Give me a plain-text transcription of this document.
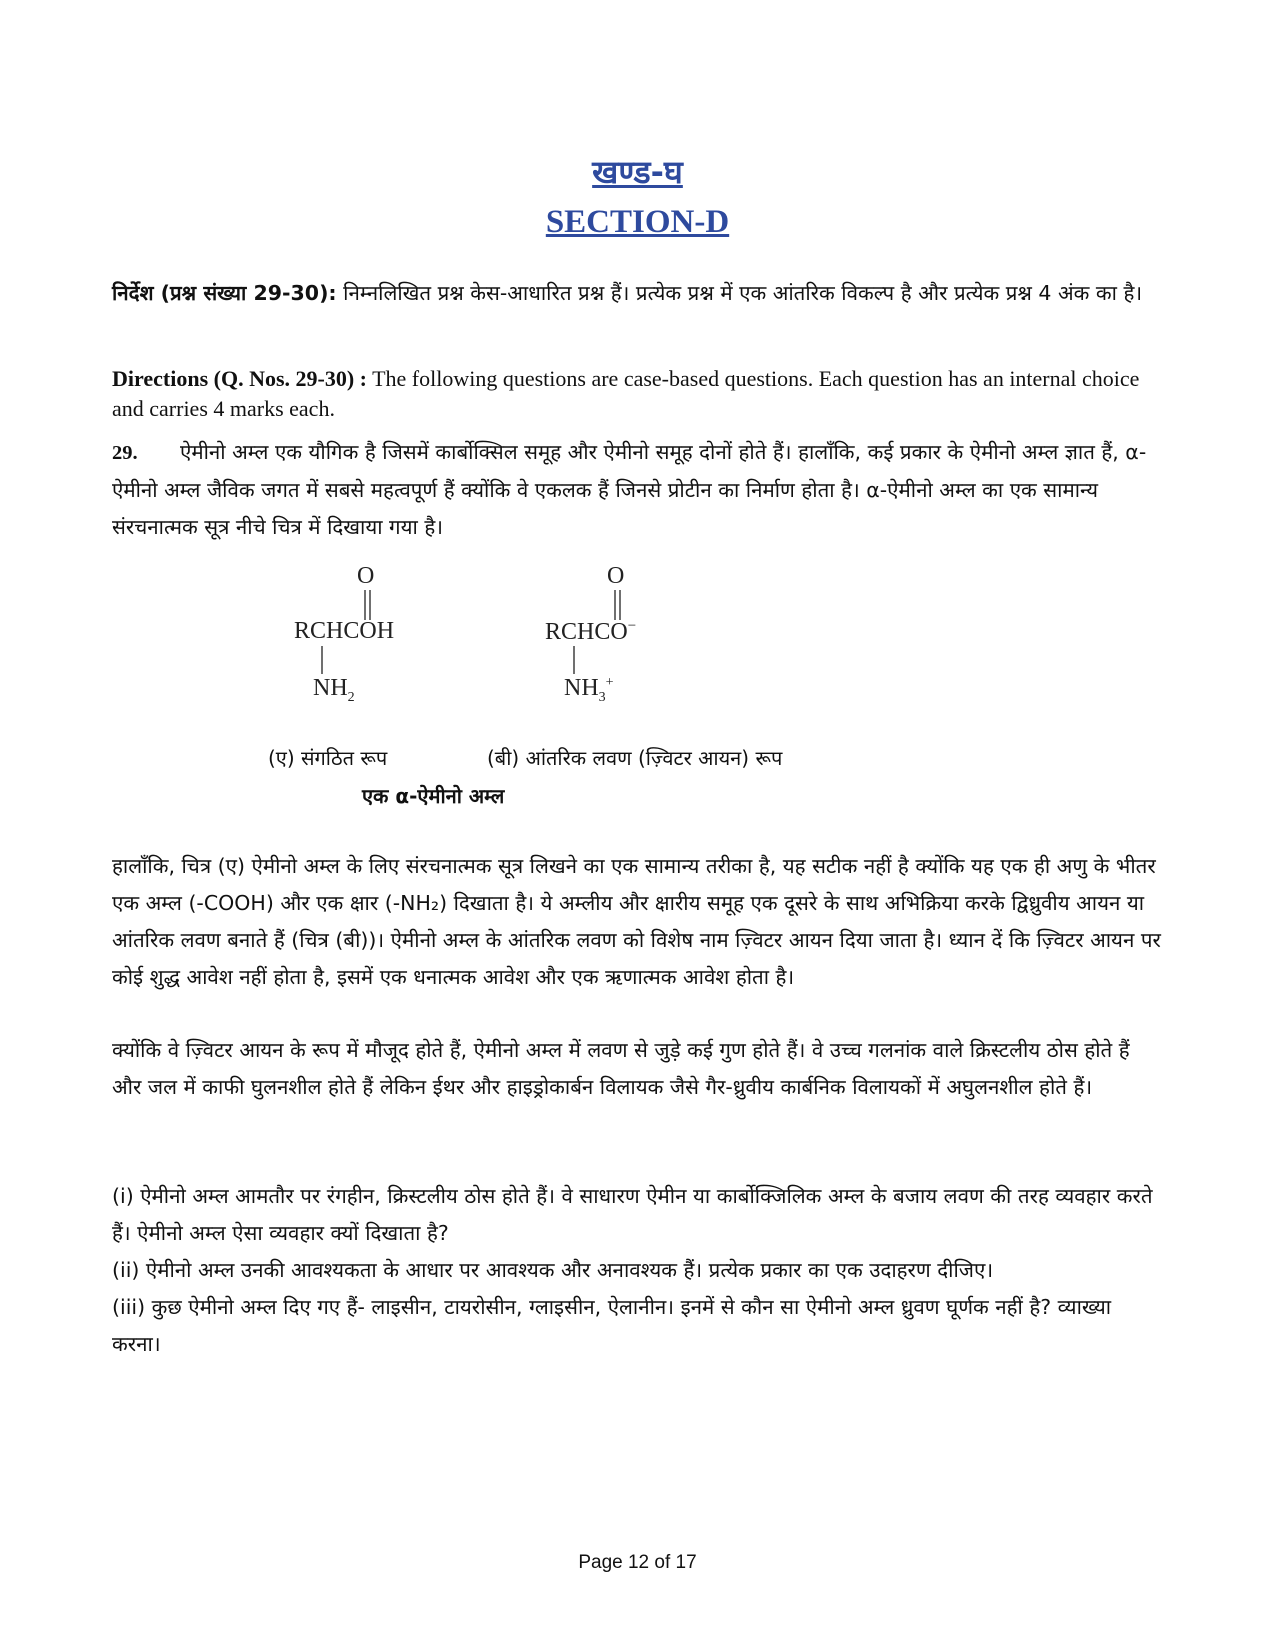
खण्ड-घ
SECTION-D
निर्देश (प्रश्न संख्या 29-30): निम्नलिखित प्रश्न केस-आधारित प्रश्न हैं। प्रत्येक प्रश्न में एक आंतरिक विकल्प है और प्रत्येक प्रश्न 4 अंक का है।
Directions (Q. Nos. 29-30) : The following questions are case-based questions. Each question has an internal choice and carries 4 marks each.
29. ऐमीनो अम्ल एक यौगिक है जिसमें कार्बोक्सिल समूह और ऐमीनो समूह दोनों होते हैं। हालाँकि, कई प्रकार के ऐमीनो अम्ल ज्ञात हैं, α-ऐमीनो अम्ल जैविक जगत में सबसे महत्वपूर्ण हैं क्योंकि वे एकलक हैं जिनसे प्रोटीन का निर्माण होता है। α-ऐमीनो अम्ल का एक सामान्य संरचनात्मक सूत्र नीचे चित्र में दिखाया गया है।
O
RCHCOH
$NH_2$
O
RCHCO−
$NH_3^+$
(ए) संगठित रूप	(बी) आंतरिक लवण (ज़्विटर आयन) रूप
एक α-ऐमीनो अम्ल
हालाँकि, चित्र (ए) ऐमीनो अम्ल के लिए संरचनात्मक सूत्र लिखने का एक सामान्य तरीका है, यह सटीक नहीं है क्योंकि यह एक ही अणु के भीतर एक अम्ल (-COOH) और एक क्षार (-NH₂) दिखाता है। ये अम्लीय और क्षारीय समूह एक दूसरे के साथ अभिक्रिया करके द्विध्रुवीय आयन या आंतरिक लवण बनाते हैं (चित्र (बी))। ऐमीनो अम्ल के आंतरिक लवण को विशेष नाम ज़्विटर आयन दिया जाता है। ध्यान दें कि ज़्विटर आयन पर कोई शुद्ध आवेश नहीं होता है, इसमें एक धनात्मक आवेश और एक ऋणात्मक आवेश होता है।
क्योंकि वे ज़्विटर आयन के रूप में मौजूद होते हैं, ऐमीनो अम्ल में लवण से जुड़े कई गुण होते हैं। वे उच्च गलनांक वाले क्रिस्टलीय ठोस होते हैं और जल में काफी घुलनशील होते हैं लेकिन ईथर और हाइड्रोकार्बन विलायक जैसे गैर-ध्रुवीय कार्बनिक विलायकों में अघुलनशील होते हैं।
(i) ऐमीनो अम्ल आमतौर पर रंगहीन, क्रिस्टलीय ठोस होते हैं। वे साधारण ऐमीन या कार्बोक्जिलिक अम्ल के बजाय लवण की तरह व्यवहार करते हैं। ऐमीनो अम्ल ऐसा व्यवहार क्यों दिखाता है?
(ii) ऐमीनो अम्ल उनकी आवश्यकता के आधार पर आवश्यक और अनावश्यक हैं। प्रत्येक प्रकार का एक उदाहरण दीजिए।
(iii) कुछ ऐमीनो अम्ल दिए गए हैं- लाइसीन, टायरोसीन, ग्लाइसीन, ऐलानीन। इनमें से कौन सा ऐमीनो अम्ल ध्रुवण घूर्णक नहीं है? व्याख्या करना।
Page 12 of 17
